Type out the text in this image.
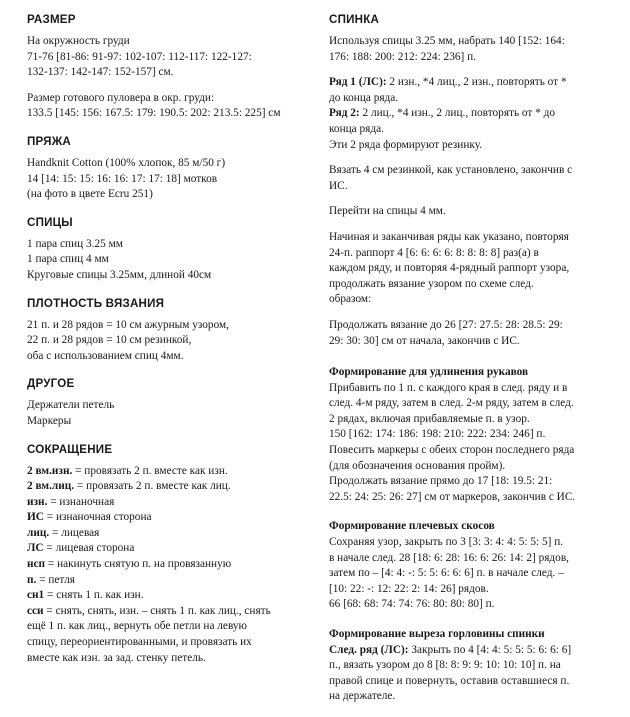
РАЗМЕР

На окружность груди

71-76 [81-86: 91-97: 102-107: 112-117: 122-127:

132-137: 142-147: 152-157] см.

Размер готового пуловера в окр. груди:

133.5 [145: 156: 167.5: 179: 190.5: 202: 213.5: 225] см

ПРЯЖА

Handknit Cotton (100% хлопок, 85 м/50 г)

14 [14: 15: 15: 16: 16: 17: 17: 18] мотков

(на фото в цвете Ecru 251)

СПИЦЫ

1 пара спиц 3.25 мм

1 пара спиц 4 мм

Круговые спицы 3.25мм, длиной 40см

ПЛОТНОСТЬ ВЯЗАНИЯ

21 п. и 28 рядов = 10 см ажурным узором,

22 п. и 28 рядов = 10 см резинкой,

оба с использованием спиц 4мм.

ДРУГОЕ

Держатели петель

Маркеры

СОКРАЩЕНИЕ

2 вм.изн. = провязать 2 п. вместе как изн.

2 вм.лиц. = провязать 2 п. вместе как лиц.

изн. = изнаночная

ИС = изнаночная сторона

лиц. = лицевая

ЛС = лицевая сторона

нсп = накинуть снятую п. на провязанную

п. = петля

сн1 = снять 1 п. как изн.

сси = снять, снять, изн. – снять 1 п. как лиц., снять

ещё 1 п. как лиц., вернуть обе петли на левую

спицу, переориентированными, и провязать их

вместе как изн. за зад. стенку петель.

СПИНКА

Используя спицы 3.25 мм, набрать 140 [152: 164:

176: 188: 200: 212: 224: 236] п.

Ряд 1 (ЛС): 2 изн., *4 лиц., 2 изн., повторять от *

до конца ряда.

Ряд 2: 2 лиц., *4 изн., 2 лиц., повторять от * до

конца ряда.

Эти 2 ряда формируют резинку.

Вязать 4 см резинкой, как установлено, закончив с

ИС.

Перейти на спицы 4 мм.

Начиная и заканчивая ряды как указано, повторяя

24-п. раппорт 4 [6: 6: 6: 6: 8: 8: 8: 8] раз(а) в

каждом ряду, и повторяя 4-рядный раппорт узора,

продолжать вязание узором по схеме след.

образом:

Продолжать вязание до 26 [27: 27.5: 28: 28.5: 29:

29: 30: 30] см от начала, закончив с ИС.

Формирование для удлинения рукавов

Прибавить по 1 п. с каждого края в след. ряду и в

след. 4-м ряду, затем в след. 2-м ряду, затем в след.

2 рядах, включая прибавляемые п. в узор.

150 [162: 174: 186: 198: 210: 222: 234: 246] п.

Повесить маркеры с обеих сторон последнего ряда

(для обозначения основания пройм).

Продолжать вязание прямо до 17 [18: 19.5: 21:

22.5: 24: 25: 26: 27] см от маркеров, закончив с ИС.

Формирование плечевых скосов

Сохраняя узор, закрыть по 3 [3: 3: 4: 4: 5: 5: 5] п.

в начале след. 28 [18: 6: 28: 16: 6: 26: 14: 2] рядов,

затем по – [4: 4: -: 5: 5: 6: 6: 6] п. в начале след. –

[10: 22: -: 12: 22: 2: 14: 26] рядов.

66 [68: 68: 74: 74: 76: 80: 80: 80] п.

Формирование выреза горловины спинки

След. ряд (ЛС): Закрыть по 4 [4: 4: 5: 5: 5: 6: 6: 6]

п., вязать узором до 8 [8: 8: 9: 9: 10: 10: 10] п. на

правой спице и повернуть, оставив оставшиеся п.

на держателе.
